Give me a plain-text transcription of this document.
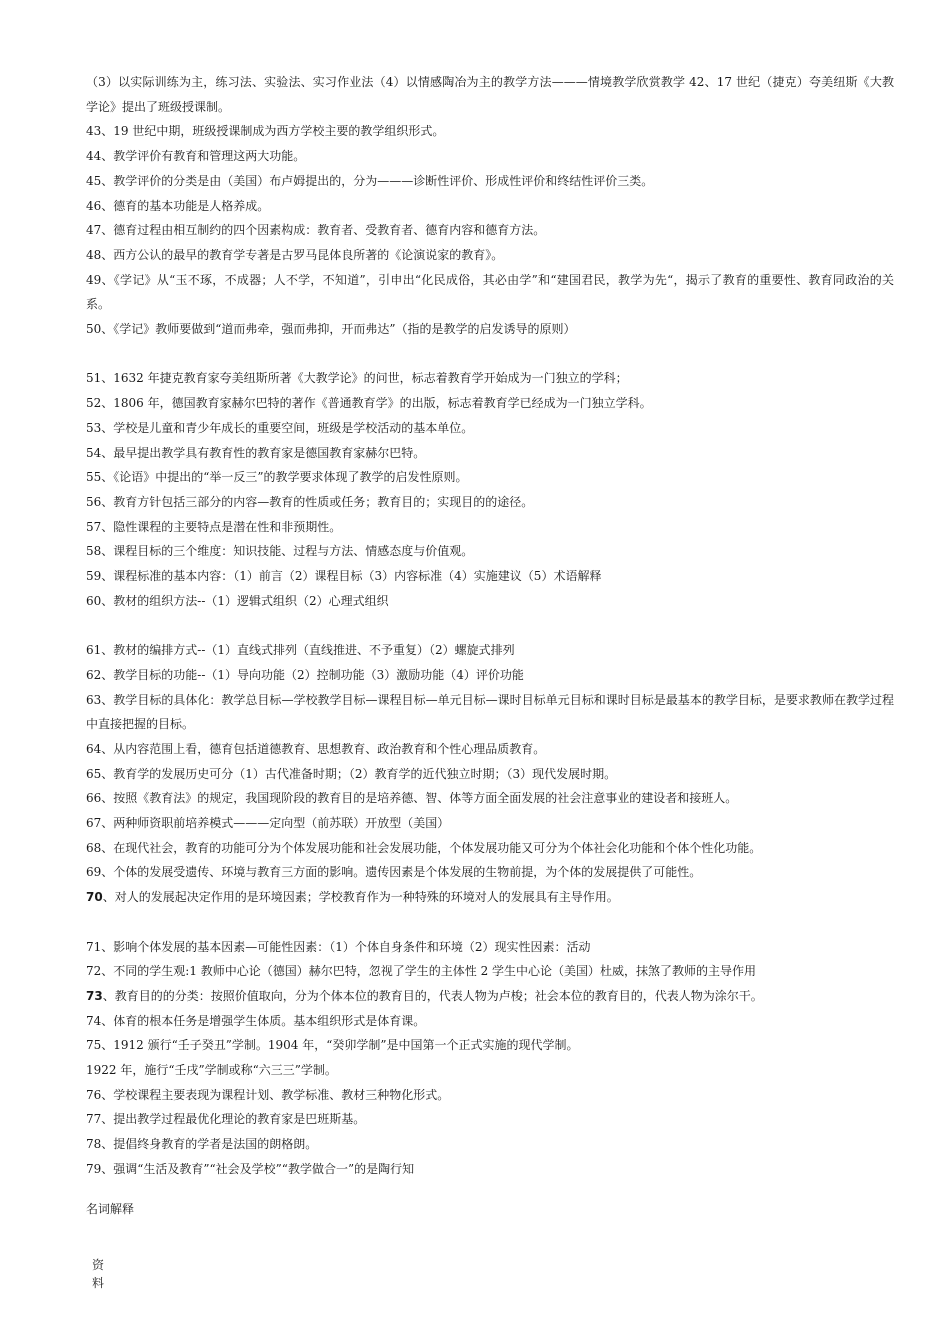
（3）以实际训练为主，练习法、实验法、实习作业法（4）以情感陶冶为主的教学方法———情境教学欣赏教学 42、17 世纪（捷克）夸美纽斯《大教学论》提出了班级授课制。
43、19 世纪中期，班级授课制成为西方学校主要的教学组织形式。
44、教学评价有教育和管理这两大功能。
45、教学评价的分类是由（美国）布卢姆提出的，分为———诊断性评价、形成性评价和终结性评价三类。
46、德育的基本功能是人格养成。
47、德育过程由相互制约的四个因素构成：教育者、受教育者、德育内容和德育方法。
48、西方公认的最早的教育学专著是古罗马昆体良所著的《论演说家的教育》。
49、《学记》从“玉不琢，不成器；人不学，不知道”，引申出“化民成俗，其必由学”和“建国君民，教学为先“，揭示了教育的重要性、教育同政治的关系。
50、《学记》教师要做到“道而弗牵，强而弗抑，开而弗达”（指的是教学的启发诱导的原则）
51、1632 年捷克教育家夸美纽斯所著《大教学论》的问世，标志着教育学开始成为一门独立的学科；
52、1806 年，德国教育家赫尔巴特的著作《普通教育学》的出版，标志着教育学已经成为一门独立学科。
53、学校是儿童和青少年成长的重要空间，班级是学校活动的基本单位。
54、最早提出教学具有教育性的教育家是德国教育家赫尔巴特。
55、《论语》中提出的“举一反三”的教学要求体现了教学的启发性原则。
56、教育方针包括三部分的内容—教育的性质或任务；教育目的；实现目的的途径。
57、隐性课程的主要特点是潜在性和非预期性。
58、课程目标的三个维度：知识技能、过程与方法、情感态度与价值观。
59、课程标准的基本内容：（1）前言（2）课程目标（3）内容标准（4）实施建议（5）术语解释
60、教材的组织方法--（1）逻辑式组织（2）心理式组织
61、教材的编排方式--（1）直线式排列（直线推进、不予重复）（2）螺旋式排列
62、教学目标的功能--（1）导向功能（2）控制功能（3）激励功能（4）评价功能
63、教学目标的具体化：教学总目标—学校教学目标—课程目标—单元目标—课时目标单元目标和课时目标是最基本的教学目标，是要求教师在教学过程中直接把握的目标。
64、从内容范围上看，德育包括道德教育、思想教育、政治教育和个性心理品质教育。
65、教育学的发展历史可分（1）古代准备时期；（2）教育学的近代独立时期；（3）现代发展时期。
66、按照《教育法》的规定，我国现阶段的教育目的是培养德、智、体等方面全面发展的社会注意事业的建设者和接班人。
67、两种师资职前培养模式———定向型（前苏联）开放型（美国）
68、在现代社会，教育的功能可分为个体发展功能和社会发展功能，个体发展功能又可分为个体社会化功能和个体个性化功能。
69、个体的发展受遗传、环境与教育三方面的影响。遗传因素是个体发展的生物前提，为个体的发展提供了可能性。
70、对人的发展起决定作用的是环境因素；学校教育作为一种特殊的环境对人的发展具有主导作用。
71、影响个体发展的基本因素—可能性因素：（1）个体自身条件和环境（2）现实性因素：活动
72、不同的学生观:1 教师中心论（德国）赫尔巴特，忽视了学生的主体性 2 学生中心论（美国）杜威，抹煞了教师的主导作用
73、教育目的的分类：按照价值取向，分为个体本位的教育目的，代表人物为卢梭；社会本位的教育目的，代表人物为涂尔干。
74、体育的根本任务是增强学生体质。基本组织形式是体育课。
75、1912 颁行“壬子癸丑”学制。1904 年，“癸卯学制”是中国第一个正式实施的现代学制。
1922 年，施行“壬戌”学制或称“六三三”学制。
76、学校课程主要表现为课程计划、教学标准、教材三种物化形式。
77、提出教学过程最优化理论的教育家是巴班斯基。
78、提倡终身教育的学者是法国的朗格朗。
79、强调“生活及教育”“社会及学校”“教学做合一”的是陶行知
名词解释
资料
